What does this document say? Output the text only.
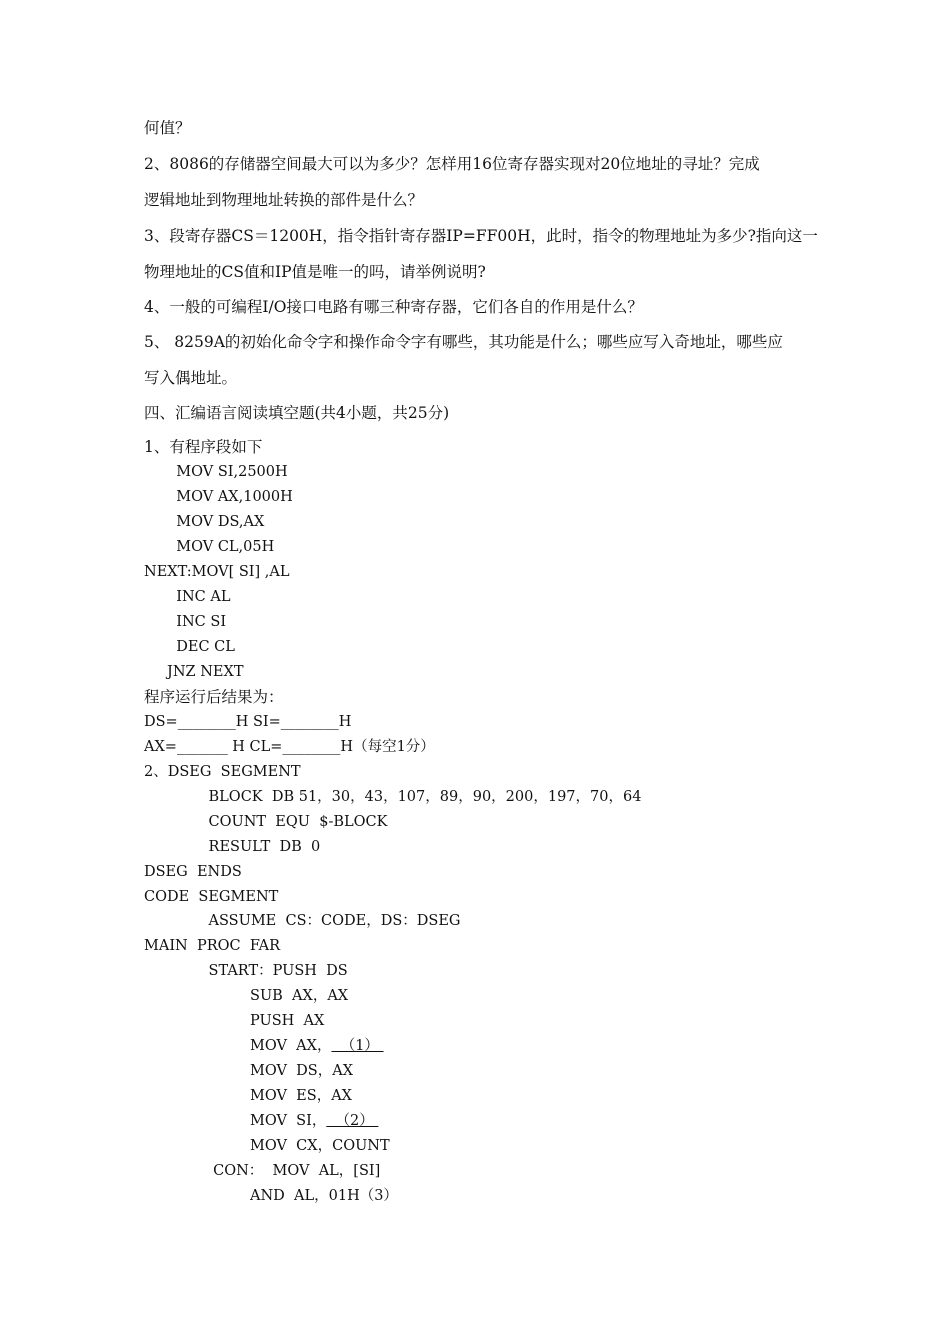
何值？
2、8086的存储器空间最大可以为多少？怎样用16位寄存器实现对20位地址的寻址？完成
逻辑地址到物理地址转换的部件是什么？
3、段寄存器CS＝1200H，指令指针寄存器IP=FF00H，此时，指令的物理地址为多少?指向这一
物理地址的CS值和IP值是唯一的吗，请举例说明?
4、一般的可编程I/O接口电路有哪三种寄存器，它们各自的作用是什么？
5、 8259A的初始化命令字和操作命令字有哪些，其功能是什么；哪些应写入奇地址，哪些应
写入偶地址。
四、汇编语言阅读填空题(共4小题，共25分)
1、有程序段如下
MOV SI,2500H
MOV AX,1000H
MOV DS,AX
MOV CL,05H
NEXT:MOV[ SI] ,AL
INC AL
INC SI
DEC CL
JNZ NEXT
程序运行后结果为：
DS=________H SI=________H
AX=_______ H CL=________H（每空1分）
2、DSEG  SEGMENT
BLOCK  DB 51，30，43，107，89，90，200，197，70，64
COUNT  EQU  $-BLOCK
RESULT  DB  0
DSEG  ENDS
CODE  SEGMENT
ASSUME  CS：CODE，DS：DSEG
MAIN  PROC  FAR
START：PUSH  DS
SUB  AX，AX
PUSH  AX
MOV  AX，  （1）
MOV  DS，AX
MOV  ES，AX
MOV  SI，  （2）
MOV  CX，COUNT
CON：  MOV  AL，[SI]
AND  AL，01H（3）
